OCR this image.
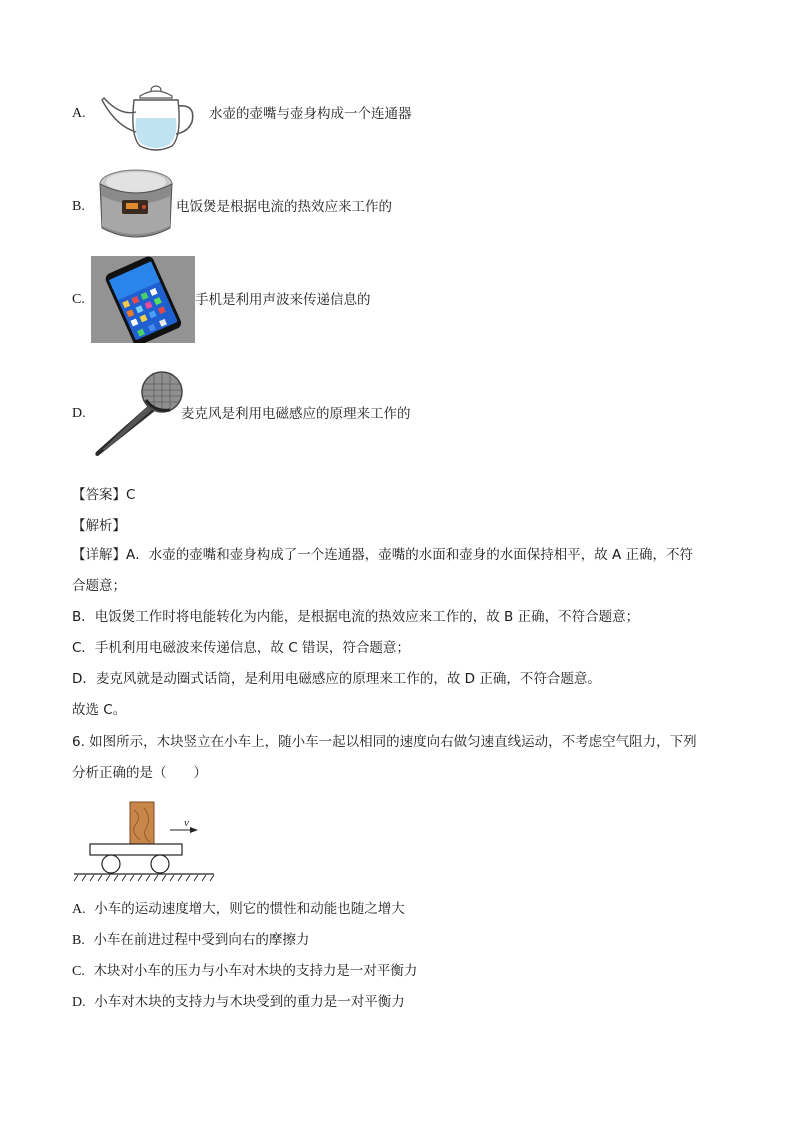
A.	水壶的壶嘴与壶身构成一个连通器
B.	电饭煲是根据电流的热效应来工作的
C.	手机是利用声波来传递信息的
D.	麦克风是利用电磁感应的原理来工作的
【答案】C
【解析】
【详解】A．水壶的壶嘴和壶身构成了一个连通器，壶嘴的水面和壶身的水面保持相平，故 A 正确，不符
合题意；
B．电饭煲工作时将电能转化为内能，是根据电流的热效应来工作的，故 B 正确，不符合题意；
C．手机利用电磁波来传递信息，故 C 错误，符合题意；
D．麦克风就是动圈式话筒，是利用电磁感应的原理来工作的，故 D 正确，不符合题意。
故选 C。
6. 如图所示，木块竖立在小车上，随小车一起以相同的速度向右做匀速直线运动，不考虑空气阻力，下列
分析正确的是（　　）
v
A. 小车的运动速度增大，则它的惯性和动能也随之增大
B. 小车在前进过程中受到向右的摩擦力
C. 木块对小车的压力与小车对木块的支持力是一对平衡力
D. 小车对木块的支持力与木块受到的重力是一对平衡力
